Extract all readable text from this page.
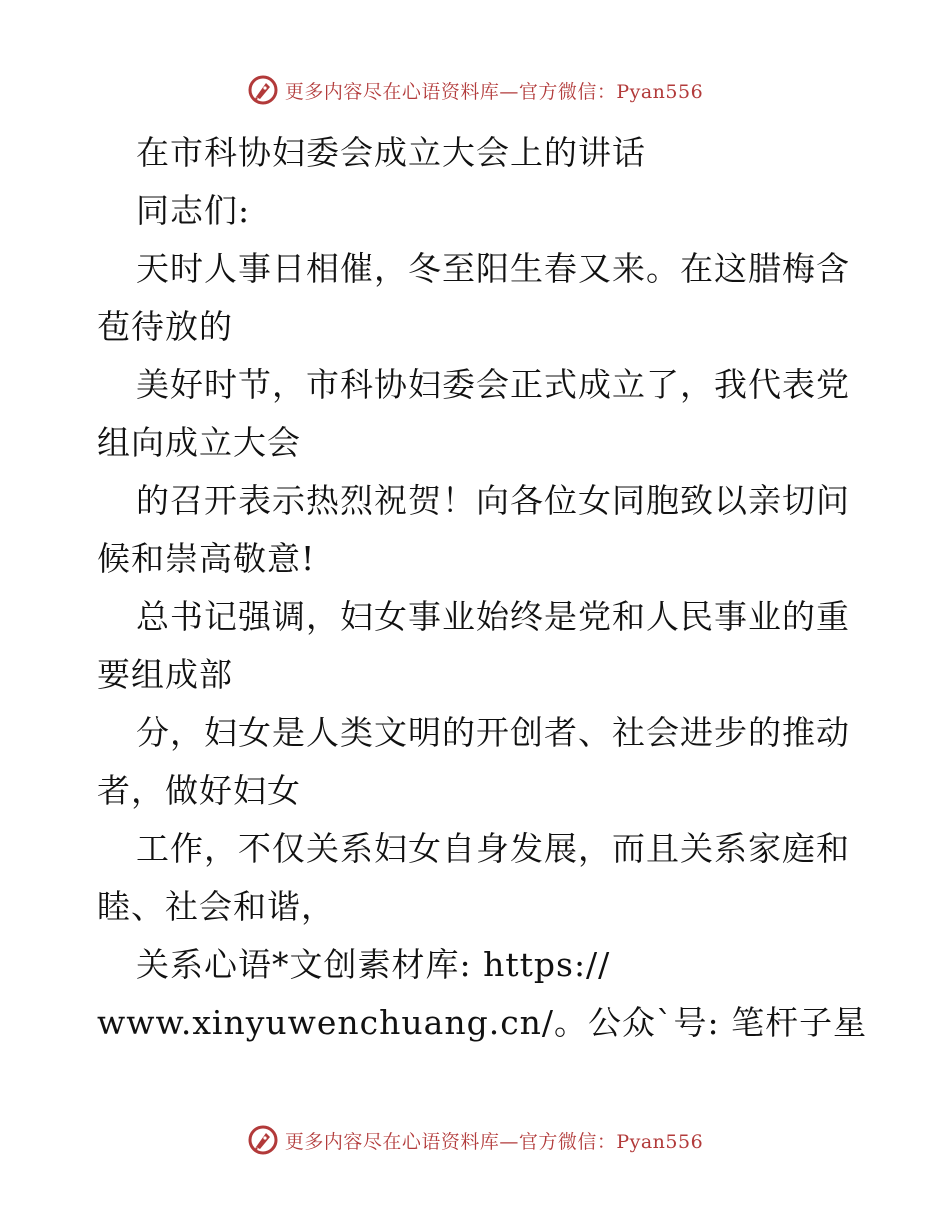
更多内容尽在心语资料库—官方微信：Pyan556
在市科协妇委会成立大会上的讲话
同志们:
天时人事日相催，冬至阳生春又来。在这腊梅含
苞待放的
美好时节，市科协妇委会正式成立了，我代表党
组向成立大会
的召开表示热烈祝贺！向各位女同胞致以亲切问
候和崇高敬意!
总书记强调，妇女事业始终是党和人民事业的重
要组成部
分，妇女是人类文明的开创者、社会进步的推动
者，做好妇女
工作，不仅关系妇女自身发展，而且关系家庭和
睦、社会和谐，
关系心语*文创素材库: https://
www.xinyuwenchuang.cn/。公众`号: 笔杆子星
更多内容尽在心语资料库—官方微信：Pyan556
